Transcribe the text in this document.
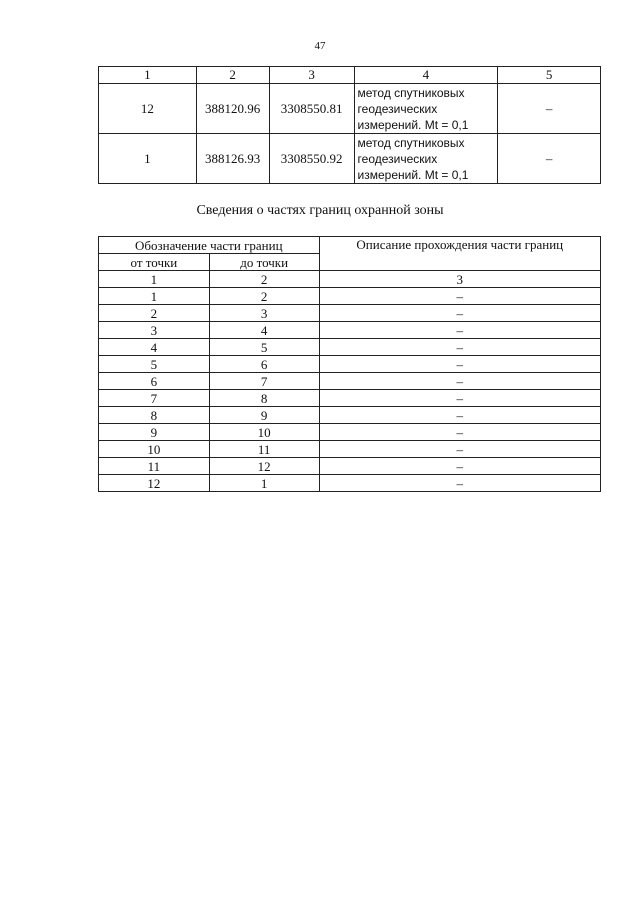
47
1	2	3	4	5
12	388120.96	3308550.81	метод спутниковых геодезических измерений. Mt = 0,1	–
1	388126.93	3308550.92	метод спутниковых геодезических измерений. Mt = 0,1	–
Сведения о частях границ охранной зоны
Обозначение части границ		Описание прохождения части границ
от точки	до точки	
1	2	3
1	2	–
2	3	–
3	4	–
4	5	–
5	6	–
6	7	–
7	8	–
8	9	–
9	10	–
10	11	–
11	12	–
12	1	–
